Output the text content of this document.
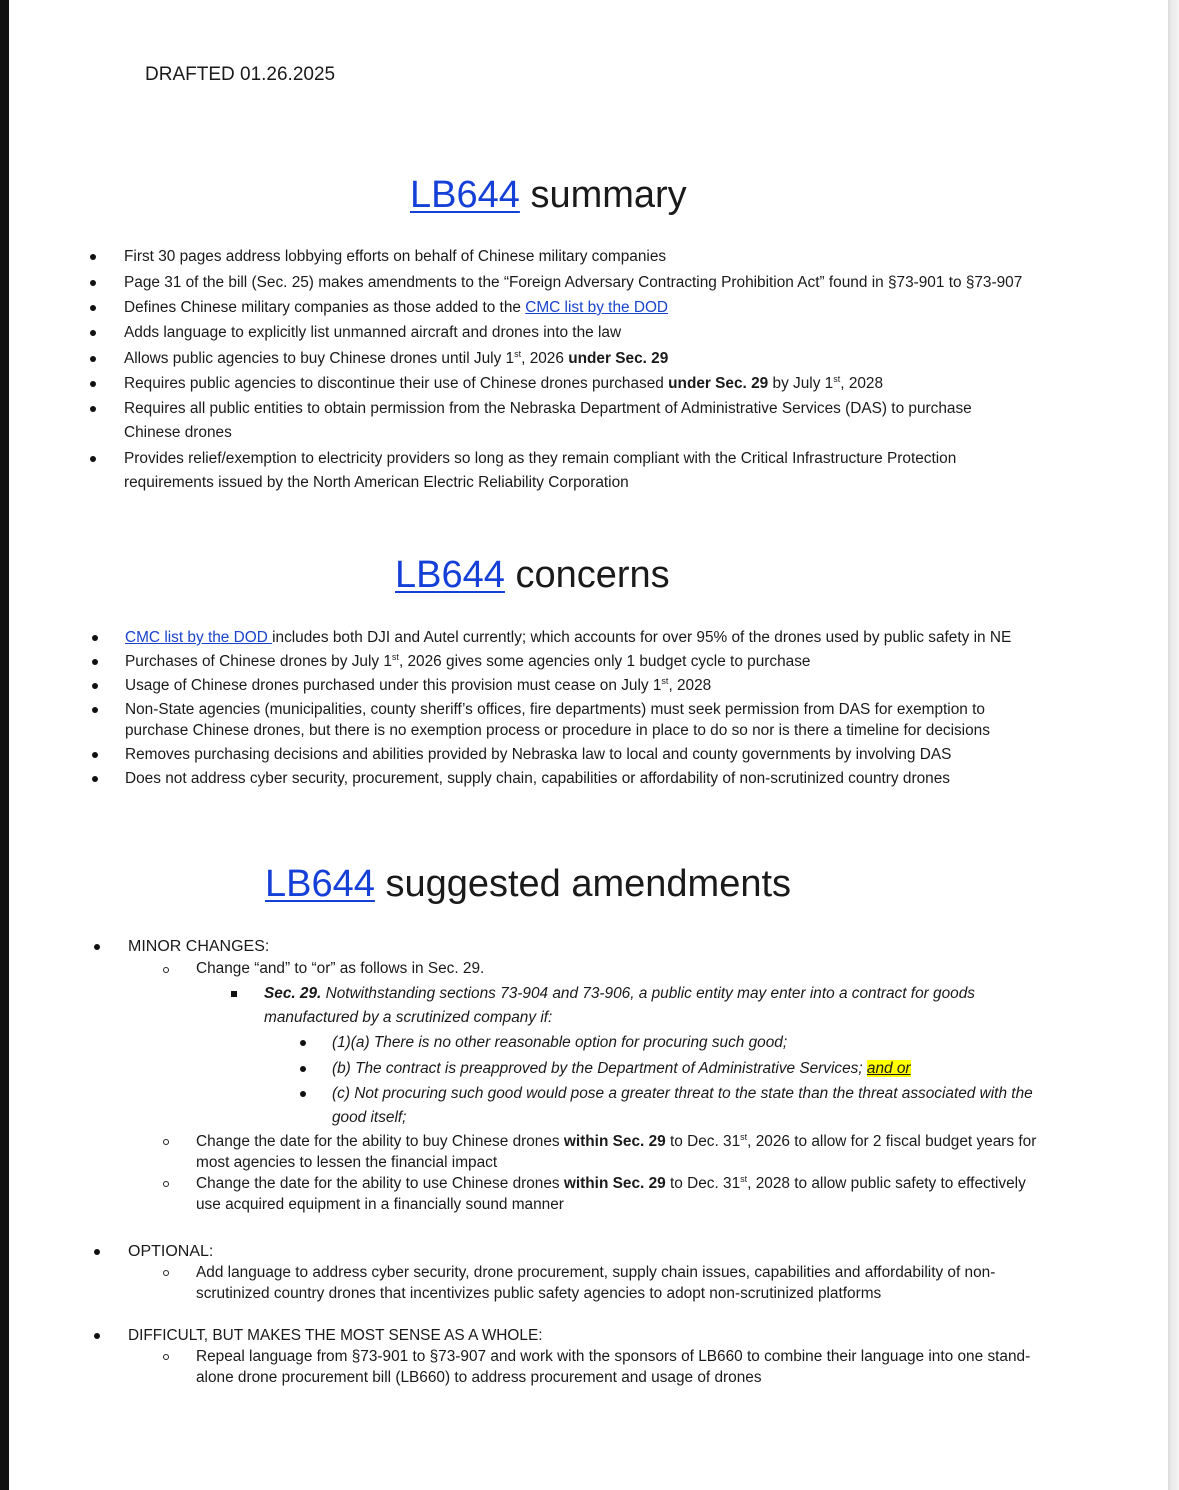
DRAFTED 01.26.2025
LB644 summary
First 30 pages address lobbying efforts on behalf of Chinese military companies
Page 31 of the bill (Sec. 25) makes amendments to the “Foreign Adversary Contracting Prohibition Act” found in §73-901 to §73-907
Defines Chinese military companies as those added to the CMC list by the DOD
Adds language to explicitly list unmanned aircraft and drones into the law
Allows public agencies to buy Chinese drones until July 1st, 2026 under Sec. 29
Requires public agencies to discontinue their use of Chinese drones purchased under Sec. 29 by July 1st, 2028
Requires all public entities to obtain permission from the Nebraska Department of Administrative Services (DAS) to purchase
Chinese drones
Provides relief/exemption to electricity providers so long as they remain compliant with the Critical Infrastructure Protection
requirements issued by the North American Electric Reliability Corporation
LB644 concerns
CMC list by the DOD includes both DJI and Autel currently; which accounts for over 95% of the drones used by public safety in NE
Purchases of Chinese drones by July 1st, 2026 gives some agencies only 1 budget cycle to purchase
Usage of Chinese drones purchased under this provision must cease on July 1st, 2028
Non-State agencies (municipalities, county sheriff’s offices, fire departments) must seek permission from DAS for exemption to
purchase Chinese drones, but there is no exemption process or procedure in place to do so nor is there a timeline for decisions
Removes purchasing decisions and abilities provided by Nebraska law to local and county governments by involving DAS
Does not address cyber security, procurement, supply chain, capabilities or affordability of non-scrutinized country drones
LB644 suggested amendments
MINOR CHANGES:
Change “and” to “or” as follows in Sec. 29.
Sec. 29. Notwithstanding sections 73-904 and 73-906, a public entity may enter into a contract for goods
manufactured by a scrutinized company if:
(1)(a) There is no other reasonable option for procuring such good;
(b) The contract is preapproved by the Department of Administrative Services; and or
(c) Not procuring such good would pose a greater threat to the state than the threat associated with the
good itself;
Change the date for the ability to buy Chinese drones within Sec. 29 to Dec. 31st, 2026 to allow for 2 fiscal budget years for
most agencies to lessen the financial impact
Change the date for the ability to use Chinese drones within Sec. 29 to Dec. 31st, 2028 to allow public safety to effectively
use acquired equipment in a financially sound manner
OPTIONAL:
Add language to address cyber security, drone procurement, supply chain issues, capabilities and affordability of non-
scrutinized country drones that incentivizes public safety agencies to adopt non-scrutinized platforms
DIFFICULT, BUT MAKES THE MOST SENSE AS A WHOLE:
Repeal language from §73-901 to §73-907 and work with the sponsors of LB660 to combine their language into one stand-
alone drone procurement bill (LB660) to address procurement and usage of drones
